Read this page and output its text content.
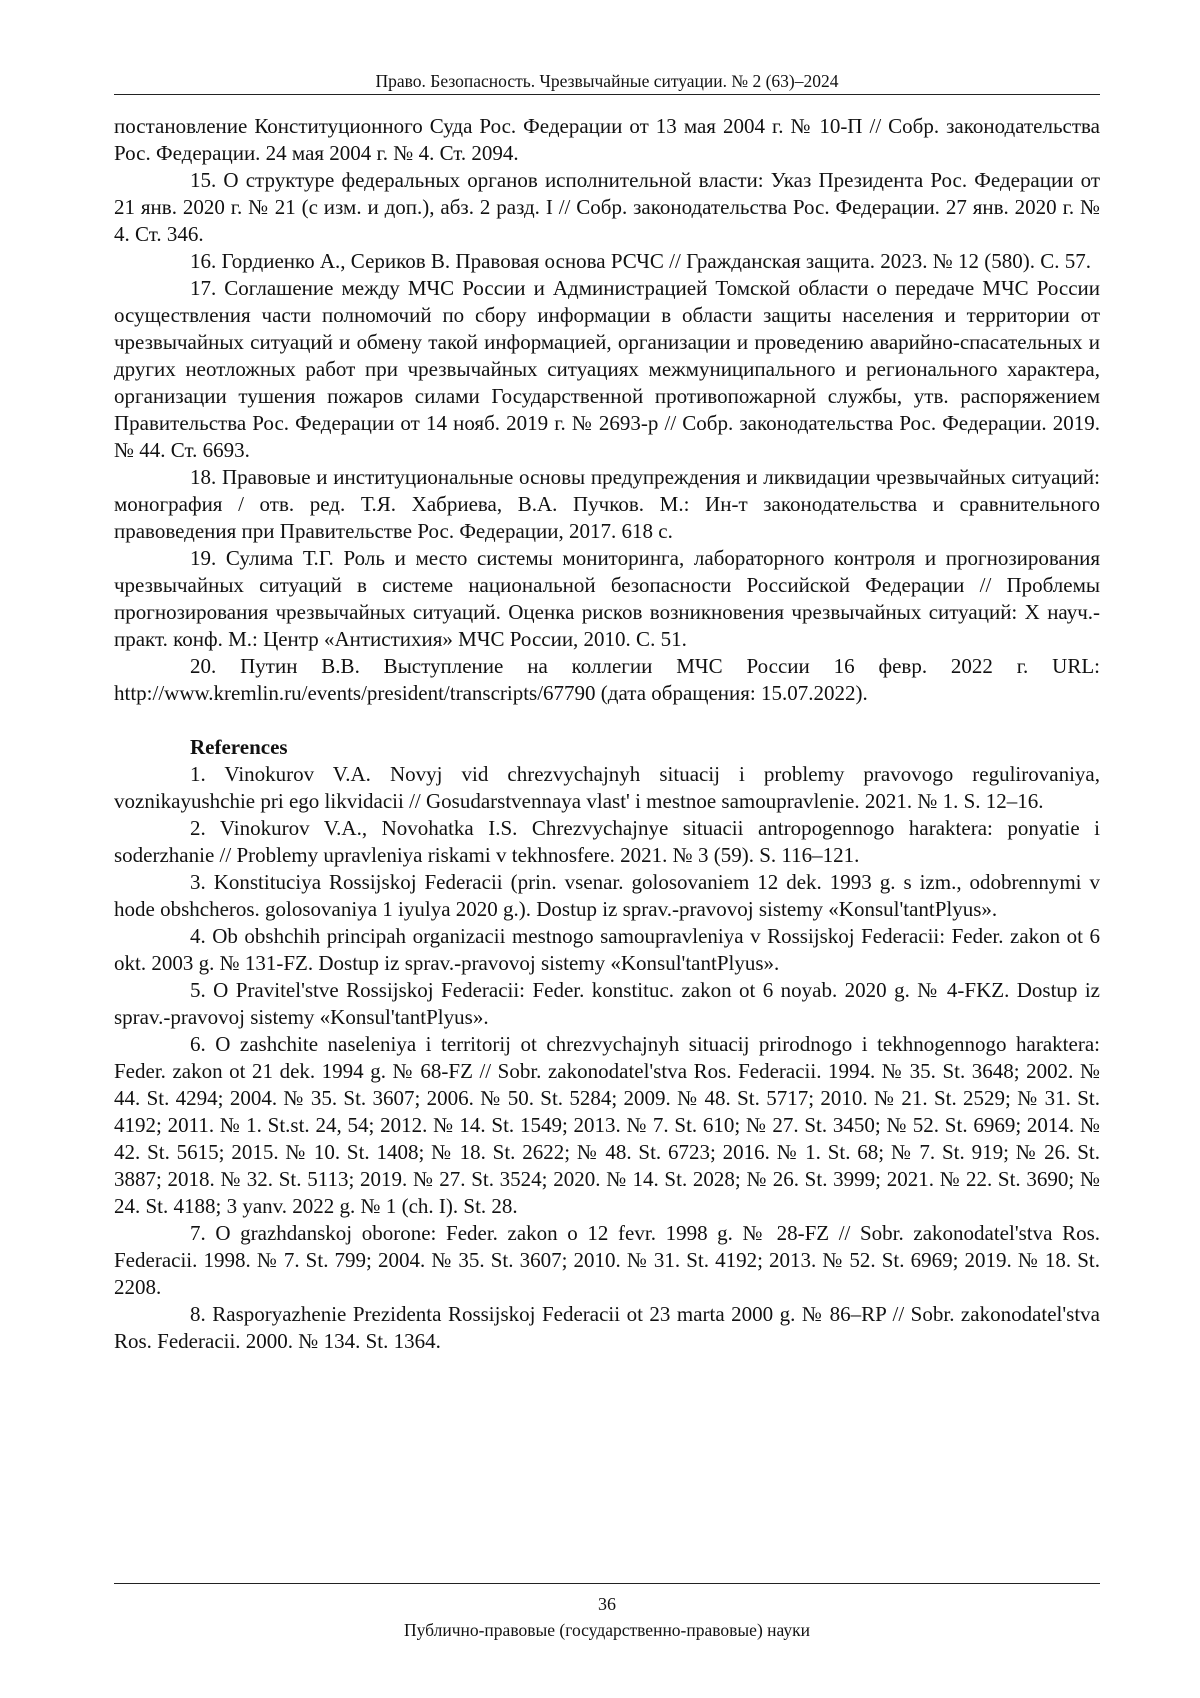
Право. Безопасность. Чрезвычайные ситуации. № 2 (63)–2024

постановление Конституционного Суда Рос. Федерации от 13 мая 2004 г. № 10-П // Собр. законодательства Рос. Федерации. 24 мая 2004 г. № 4. Ст. 2094.

15. О структуре федеральных органов исполнительной власти: Указ Президента Рос. Федерации от 21 янв. 2020 г. № 21 (с изм. и доп.), абз. 2 разд. I // Собр. законодательства Рос. Федерации. 27 янв. 2020 г. № 4. Ст. 346.

16. Гордиенко А., Сериков В. Правовая основа РСЧС // Гражданская защита. 2023. № 12 (580). С. 57.

17. Соглашение между МЧС России и Администрацией Томской области о передаче МЧС России осуществления части полномочий по сбору информации в области защиты населения и территории от чрезвычайных ситуаций и обмену такой информацией, организации и проведению аварийно-спасательных и других неотложных работ при чрезвычайных ситуациях межмуниципального и регионального характера, организации тушения пожаров силами Государственной противопожарной службы, утв. распоряжением Правительства Рос. Федерации от 14 нояб. 2019 г. № 2693-р // Собр. законодательства Рос. Федерации. 2019. № 44. Ст. 6693.

18. Правовые и институциональные основы предупреждения и ликвидации чрезвычайных ситуаций: монография / отв. ред. Т.Я. Хабриева, В.А. Пучков. М.: Ин-т законодательства и сравнительного правоведения при Правительстве Рос. Федерации, 2017. 618 с.

19. Сулима Т.Г. Роль и место системы мониторинга, лабораторного контроля и прогнозирования чрезвычайных ситуаций в системе национальной безопасности Российской Федерации // Проблемы прогнозирования чрезвычайных ситуаций. Оценка рисков возникновения чрезвычайных ситуаций: X науч.-практ. конф. М.: Центр «Антистихия» МЧС России, 2010. С. 51.

20. Путин В.В. Выступление на коллегии МЧС России 16 февр. 2022 г. URL: http://www.kremlin.ru/events/president/transcripts/67790 (дата обращения: 15.07.2022).

References

1. Vinokurov V.A. Novyj vid chrezvychajnyh situacij i problemy pravovogo regulirovaniya, voznikayushchie pri ego likvidacii // Gosudarstvennaya vlast' i mestnoe samoupravlenie. 2021. № 1. S. 12–16.

2. Vinokurov V.A., Novohatka I.S. Chrezvychajnye situacii antropogennogo haraktera: ponyatie i soderzhanie // Problemy upravleniya riskami v tekhnosfere. 2021. № 3 (59). S. 116–121.

3. Konstituciya Rossijskoj Federacii (prin. vsenar. golosovaniem 12 dek. 1993 g. s izm., odobrennymi v hode obshcheros. golosovaniya 1 iyulya 2020 g.). Dostup iz sprav.-pravovoj sistemy «Konsul'tantPlyus».

4. Ob obshchih principah organizacii mestnogo samoupravleniya v Rossijskoj Federacii: Feder. zakon ot 6 okt. 2003 g. № 131-FZ. Dostup iz sprav.-pravovoj sistemy «Konsul'tantPlyus».

5. O Pravitel'stve Rossijskoj Federacii: Feder. konstituc. zakon ot 6 noyab. 2020 g. № 4-FKZ. Dostup iz sprav.-pravovoj sistemy «Konsul'tantPlyus».

6. O zashchite naseleniya i territorij ot chrezvychajnyh situacij prirodnogo i tekhnogennogo haraktera: Feder. zakon ot 21 dek. 1994 g. № 68-FZ // Sobr. zakonodatel'stva Ros. Federacii. 1994. № 35. St. 3648; 2002. № 44. St. 4294; 2004. № 35. St. 3607; 2006. № 50. St. 5284; 2009. № 48. St. 5717; 2010. № 21. St. 2529; № 31. St. 4192; 2011. № 1. St.st. 24, 54; 2012. № 14. St. 1549; 2013. № 7. St. 610; № 27. St. 3450; № 52. St. 6969; 2014. № 42. St. 5615; 2015. № 10. St. 1408; № 18. St. 2622; № 48. St. 6723; 2016. № 1. St. 68; № 7. St. 919; № 26. St. 3887; 2018. № 32. St. 5113; 2019. № 27. St. 3524; 2020. № 14. St. 2028; № 26. St. 3999; 2021. № 22. St. 3690; № 24. St. 4188; 3 yanv. 2022 g. № 1 (ch. I). St. 28.

7. O grazhdanskoj oborone: Feder. zakon o 12 fevr. 1998 g. № 28-FZ // Sobr. zakonodatel'stva Ros. Federacii. 1998. № 7. St. 799; 2004. № 35. St. 3607; 2010. № 31. St. 4192; 2013. № 52. St. 6969; 2019. № 18. St. 2208.

8. Rasporyazhenie Prezidenta Rossijskoj Federacii ot 23 marta 2000 g. № 86–RP // Sobr. zakonodatel'stva Ros. Federacii. 2000. № 134. St. 1364.

36
Публично-правовые (государственно-правовые) науки
